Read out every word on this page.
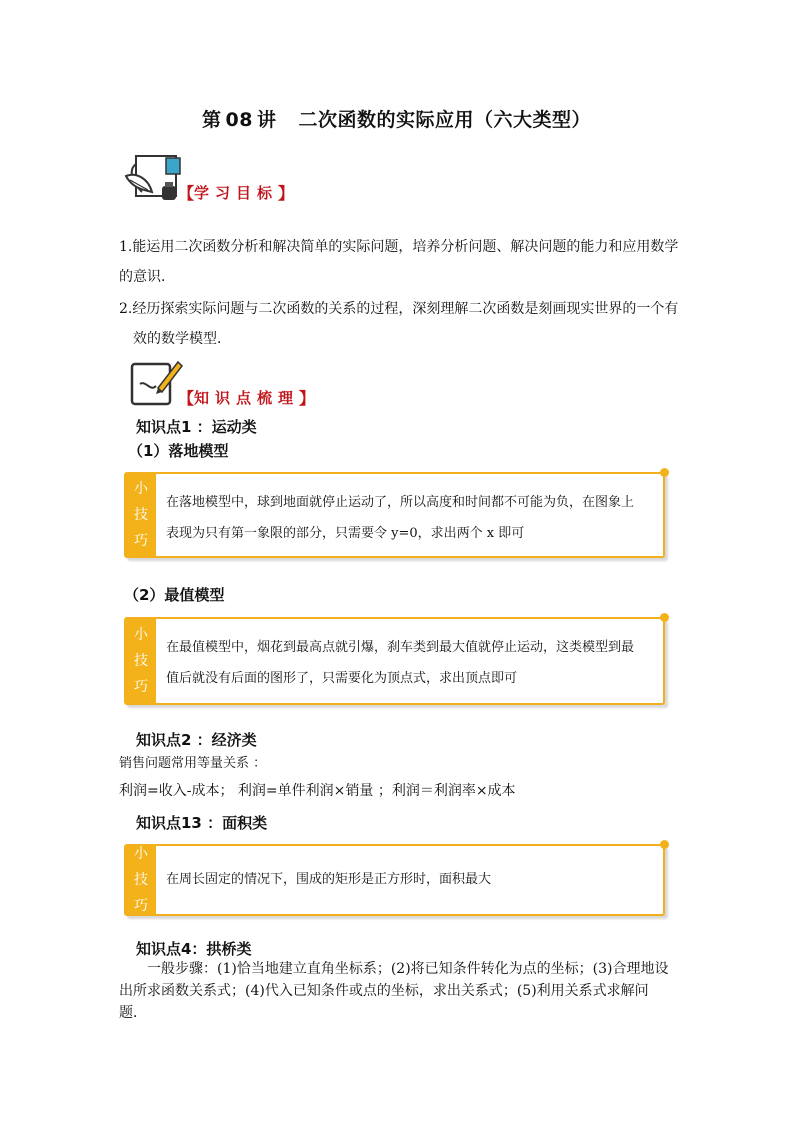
第 08 讲 二次函数的实际应用（六大类型）
【 学习目标 】
1.能运用二次函数分析和解决简单的实际问题，培养分析问题、解决问题的能力和应用数学
的意识．
2.经历探索实际问题与二次函数的关系的过程，深刻理解二次函数是刻画现实世界的一个有
效的数学模型．
【 知识点梳理 】
知识点1 ：运动类
（1）落地模型
小
技
巧
在落地模型中，球到地面就停止运动了，所以高度和时间都不可能为负，在图象上
表现为只有第一象限的部分，只需要令 y=0，求出两个 x 即可
（2）最值模型
小
技
巧
在最值模型中，烟花到最高点就引爆，刹车类到最大值就停止运动，这类模型到最
值后就没有后面的图形了，只需要化为顶点式，求出顶点即可
知识点2 ：经济类
销售问题常用等量关系 ：
利润=收入-成本； 利润=单件利润×销量 ；利润＝利润率×成本
知识点13 ：面积类
小
技
巧
在周长固定的情况下，围成的矩形是正方形时，面积最大
知识点4：拱桥类
一般步骤：(1)恰当地建立直角坐标系；(2)将已知条件转化为点的坐标；(3)合理地设
出所求函数关系式；(4)代入已知条件或点的坐标，求出关系式；(5)利用关系式求解问
题．
